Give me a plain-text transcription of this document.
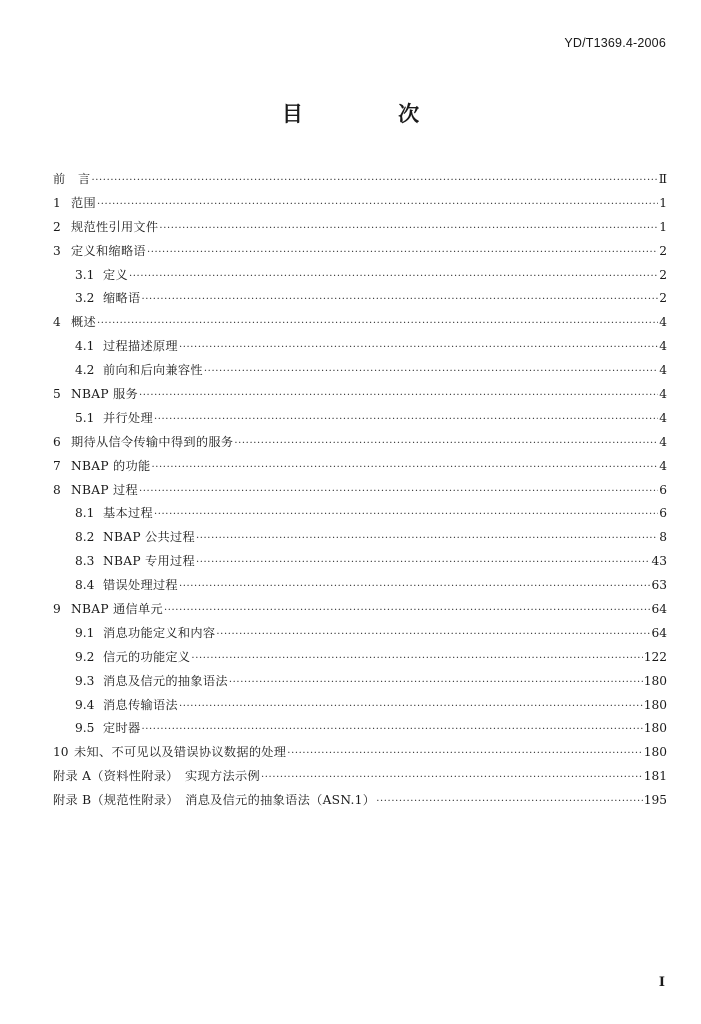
YD/T1369.4-2006
目 次
前　言 ·····	Ⅱ
1 范围 ·····	1
2 规范性引用文件 ·····	1
3 定义和缩略语 ·····	2
3.1 定义 ·····	2
3.2 缩略语 ·····	2
4 概述 ·····	4
4.1 过程描述原理 ·····	4
4.2 前向和后向兼容性 ·····	4
5 NBAP 服务 ·····	4
5.1 并行处理 ·····	4
6 期待从信令传输中得到的服务 ·····	4
7 NBAP 的功能 ·····	4
8 NBAP 过程 ·····	6
8.1 基本过程 ·····	6
8.2 NBAP 公共过程 ·····	8
8.3 NBAP 专用过程 ·····	43
8.4 错误处理过程 ·····	63
9 NBAP 通信单元 ·····	64
9.1 消息功能定义和内容 ·····	64
9.2 信元的功能定义 ·····	122
9.3 消息及信元的抽象语法 ·····	180
9.4 消息传输语法 ·····	180
9.5 定时器 ·····	180
10 未知、不可见以及错误协议数据的处理 ·····	180
附录 A（资料性附录）　实现方法示例 ·····	181
附录 B（规范性附录）　消息及信元的抽象语法（ASN.1） ·····	195
I
